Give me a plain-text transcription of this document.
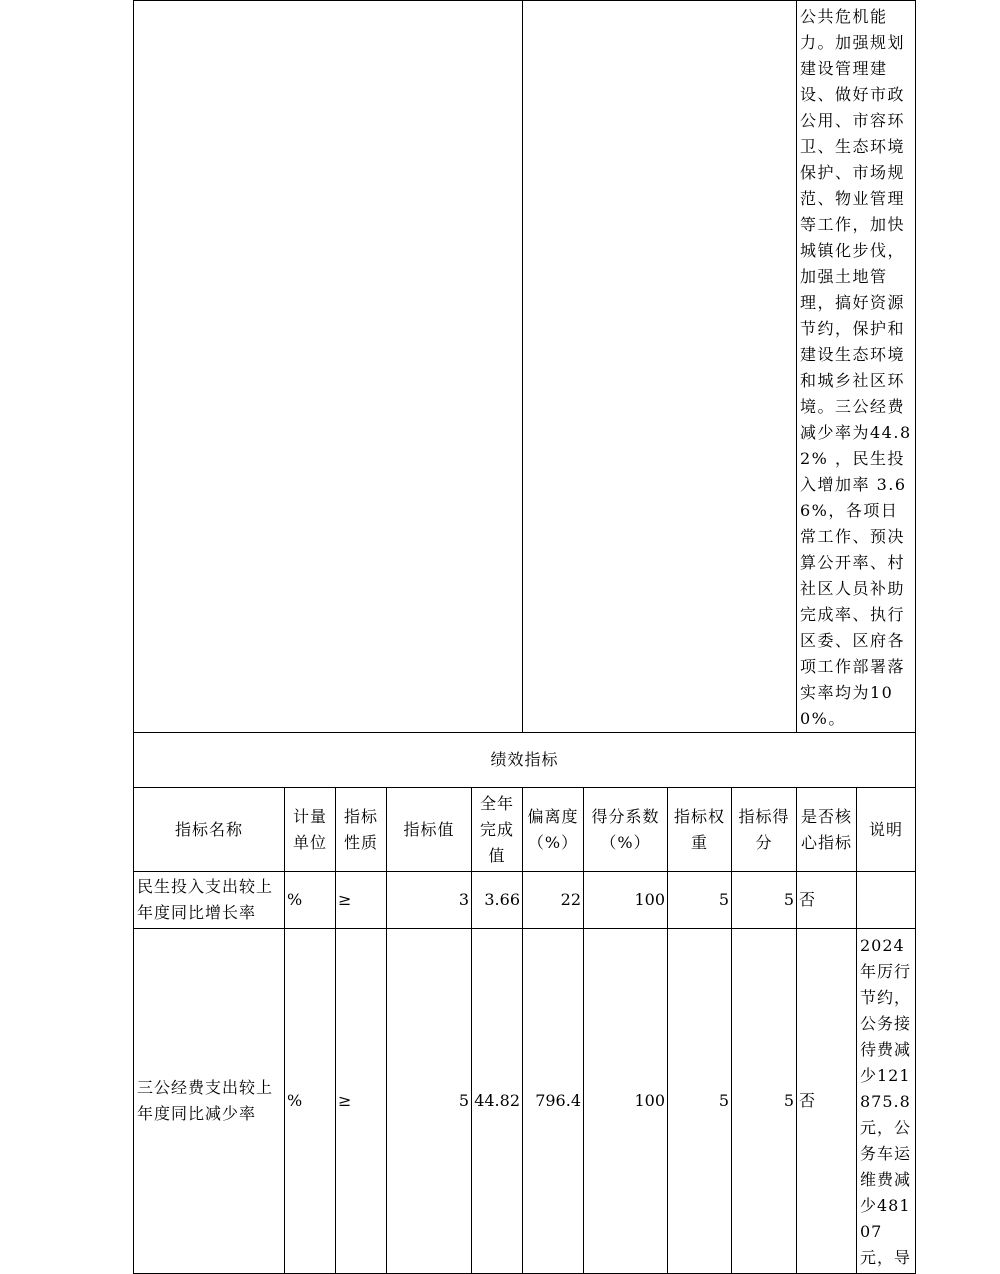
									公共危机能力。加强规划建设管理建设、做好市政公用、市容环卫、生态环境保护、市场规范、物业管理等工作，加快城镇化步伐，加强土地管理，搞好资源节约，保护和建设生态环境和城乡社区环境。三公经费减少率为44.82% ，民生投入增加率 3.66%，各项日常工作、预决算公开率、村社区人员补助完成率、执行区委、区府各项工作部署落实率均为100%。	
绩效指标										
指标名称	计量单位	指标性质	指标值	全年完成值	偏离度（%）	得分系数（%）	指标权重	指标得分	是否核心指标	说明
民生投入支出较上年度同比增长率	%	≥	3	3.66	22	100	5	5	否	
三公经费支出较上年度同比减少率	%	≥	5	44.82	796.4	100	5	5	否	2024年厉行节约，公务接待费减少121875.8元，公务车运维费减少48107元，导
